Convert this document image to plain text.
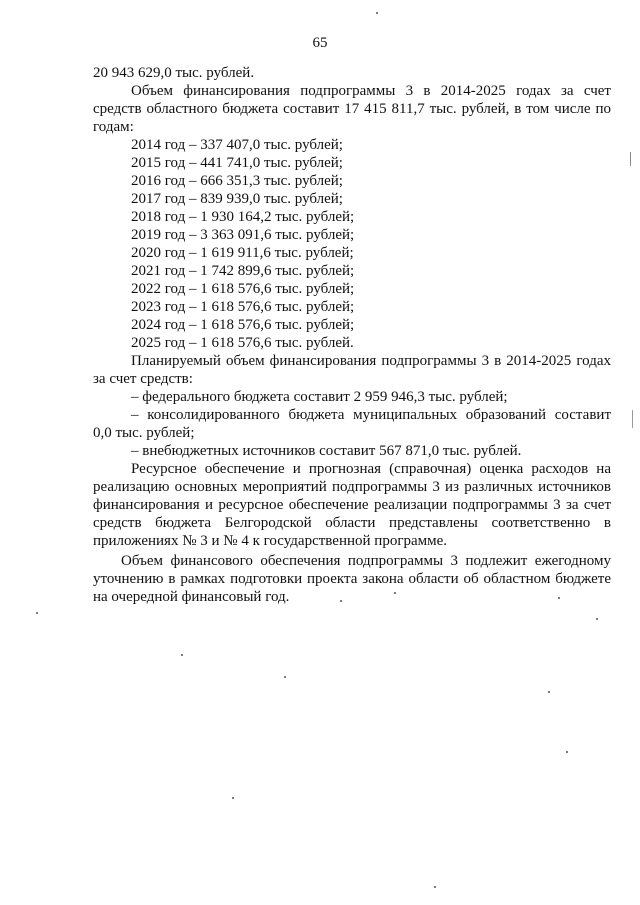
65
20 943 629,0 тыс. рублей.
Объем финансирования подпрограммы 3 в 2014-2025 годах за счет
средств областного бюджета составит 17 415 811,7 тыс. рублей, в том числе по
годам:
2014 год – 337 407,0 тыс. рублей;
2015 год – 441 741,0 тыс. рублей;
2016 год – 666 351,3 тыс. рублей;
2017 год – 839 939,0 тыс. рублей;
2018 год – 1 930 164,2 тыс. рублей;
2019 год – 3 363 091,6 тыс. рублей;
2020 год – 1 619 911,6 тыс. рублей;
2021 год – 1 742 899,6 тыс. рублей;
2022 год – 1 618 576,6 тыс. рублей;
2023 год – 1 618 576,6 тыс. рублей;
2024 год – 1 618 576,6 тыс. рублей;
2025 год – 1 618 576,6 тыс. рублей.
Планируемый объем финансирования подпрограммы 3 в 2014-2025 годах
за счет средств:
– федерального бюджета составит 2 959 946,3 тыс. рублей;
– консолидированного бюджета муниципальных образований составит
0,0 тыс. рублей;
– внебюджетных источников составит 567 871,0 тыс. рублей.
Ресурсное обеспечение и прогнозная (справочная) оценка расходов на
реализацию основных мероприятий подпрограммы 3 из различных источников
финансирования и ресурсное обеспечение реализации подпрограммы 3 за счет
средств бюджета Белгородской области представлены соответственно в
приложениях № 3 и № 4 к государственной программе.
Объем финансового обеспечения подпрограммы 3 подлежит ежегодному
уточнению в рамках подготовки проекта закона области об областном бюджете
на очередной финансовый год.
